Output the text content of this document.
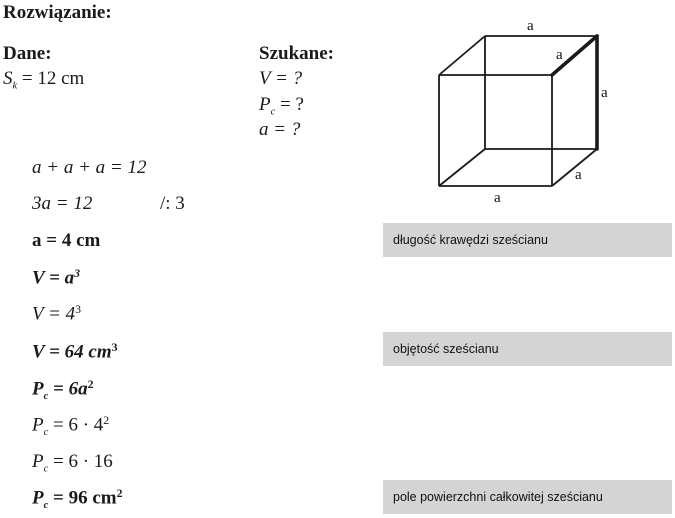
Rozwiązanie:
Dane:
$S_k = 12$ cm
Szukane:
V = ?
$P_c$ = ?
a = ?
a
a
a
a
a
a + a + a = 12
3a = 12	/: 3
a = 4 cm
$V = a^3$
$V = 4^3$
V = 64 $cm^3$
$P_c = 6a^2$
$P_c = 6 \cdot 4^2$
$P_c = 6 \cdot 16$
$P_c = 96$ $cm^2$
długość krawędzi sześcianu
objętość sześcianu
pole powierzchni całkowitej sześcianu
